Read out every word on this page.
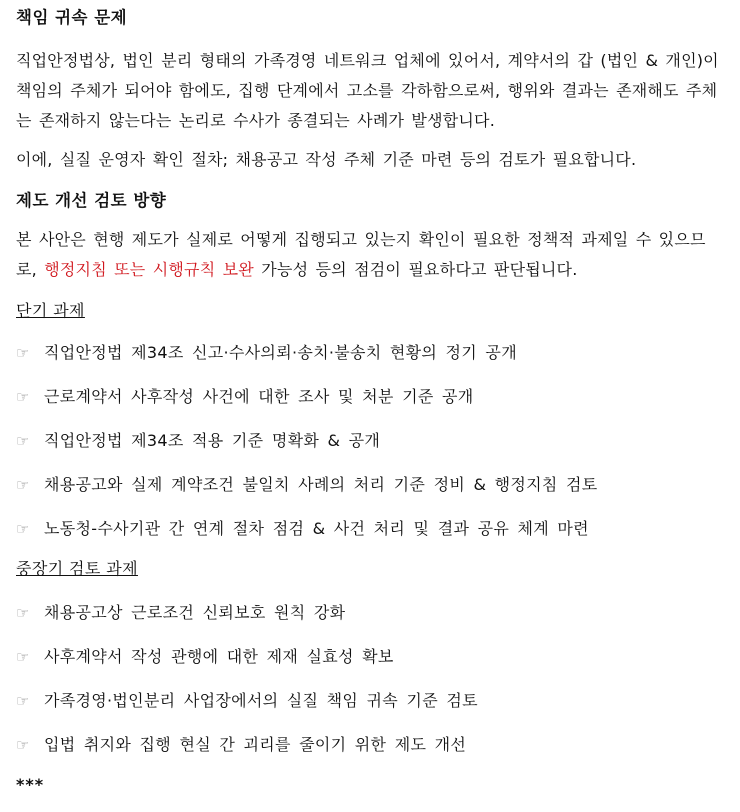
책임 귀속 문제

직업안정법상, 법인 분리 형태의 가족경영 네트워크 업체에 있어서, 계약서의 갑 (법인 & 개인)이 책임의 주체가 되어야 함에도, 집행 단계에서 고소를 각하함으로써, 행위와 결과는 존재해도 주체는 존재하지 않는다는 논리로 수사가 종결되는 사례가 발생합니다.

이에, 실질 운영자 확인 절차; 채용공고 작성 주체 기준 마련 등의 검토가 필요합니다.

제도 개선 검토 방향

본 사안은 현행 제도가 실제로 어떻게 집행되고 있는지 확인이 필요한 정책적 과제일 수 있으므로, 행정지침 또는 시행규칙 보완 가능성 등의 점검이 필요하다고 판단됩니다.

단기 과제
☞ 직업안정법 제34조 신고·수사의뢰·송치·불송치 현황의 정기 공개
☞ 근로계약서 사후작성 사건에 대한 조사 및 처분 기준 공개
☞ 직업안정법 제34조 적용 기준 명확화 & 공개
☞ 채용공고와 실제 계약조건 불일치 사례의 처리 기준 정비 & 행정지침 검토
☞ 노동청-수사기관 간 연계 절차 점검 & 사건 처리 및 결과 공유 체계 마련
중장기 검토 과제
☞ 채용공고상 근로조건 신뢰보호 원칙 강화
☞ 사후계약서 작성 관행에 대한 제재 실효성 확보
☞ 가족경영·법인분리 사업장에서의 실질 책임 귀속 기준 검토
☞ 입법 취지와 집행 현실 간 괴리를 줄이기 위한 제도 개선
***
